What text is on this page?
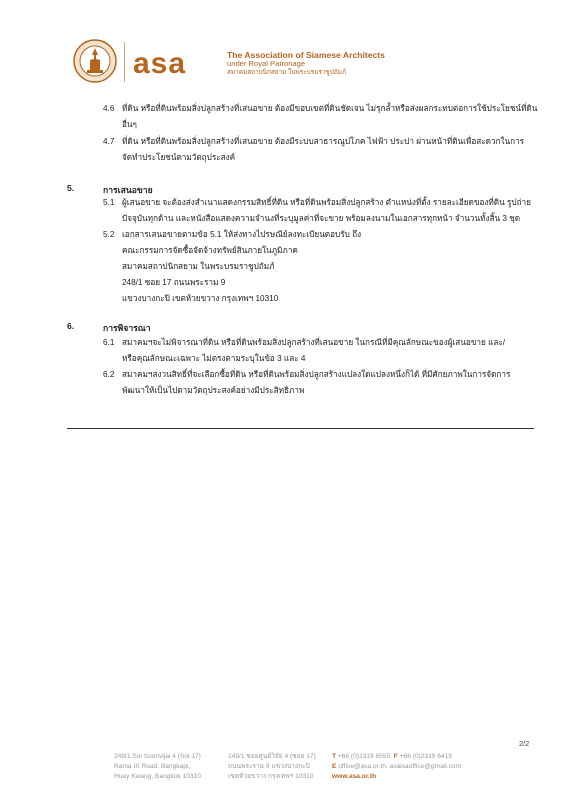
asa	The Association of Siamese Architects
under Royal Patronage
สมาคมสถาปนิกสยาม ในพระบรมราชูปถัมภ์
4.6 ที่ดิน หรือที่ดินพร้อมสิ่งปลูกสร้างที่เสนอขาย ต้องมีขอบเขตที่ดินชัดเจน ไม่รุกล้ำหรือส่งผลกระทบต่อการใช้ประโยชน์ที่ดิน
อื่นๆ
4.7 ที่ดิน หรือที่ดินพร้อมสิ่งปลูกสร้างที่เสนอขาย ต้องมีระบบสาธารณูปโภค ไฟฟ้า ประปา ผ่านหน้าที่ดินเพื่อสะดวกในการ
จัดทำประโยชน์ตามวัตถุประสงค์
5.	การเสนอขาย
5.1 ผู้เสนอขาย จะต้องส่งสำเนาแสดงกรรมสิทธิ์ที่ดิน หรือที่ดินพร้อมสิ่งปลูกสร้าง ตำแหน่งที่ตั้ง รายละเอียดของที่ดิน รูปถ่าย
ปัจจุบันทุกด้าน และหนังสือแสดงความจำนงที่ระบุมูลค่าที่จะขาย พร้อมลงนามในเอกสารทุกหน้า จำนวนทั้งสิ้น 3 ชุด
5.2 เอกสารเสนอขายตามข้อ 5.1 ให้ส่งทางไปรษณีย์ลงทะเบียนตอบรับ ถึง
คณะกรรมการจัดซื้อจัดจ้างทรัพย์สินภายในภูมิภาค
สมาคมสถาปนิกสยาม ในพระบรมราชูปถัมภ์
248/1 ซอย 17 ถนนพระราม 9
แขวงบางกะปิ เขตห้วยขวาง กรุงเทพฯ 10310
6.	การพิจารณา
6.1 สมาคมฯจะไม่พิจารณาที่ดิน หรือที่ดินพร้อมสิ่งปลูกสร้างที่เสนอขาย ในกรณีที่มีคุณลักษณะของผู้เสนอขาย และ/
หรือคุณลักษณะเฉพาะ ไม่ตรงตามระบุในข้อ 3 และ 4
6.2 สมาคมฯสงวนสิทธิ์ที่จะเลือกซื้อที่ดิน หรือที่ดินพร้อมสิ่งปลูกสร้างแปลงใดแปลงหนึ่งก็ได้ ที่มีศักยภาพในการจัดการ
พัฒนาให้เป็นไปตามวัตถุประสงค์อย่างมีประสิทธิภาพ
2/2
248/1 Soi Soonvijai 4 (Soi 17)
Rama IX Road, Bangkapi,
Huay Kwang, Bangkok 10310
248/1 ซอยศูนย์วิจัย 4 (ซอย 17)
ถนนพระราม 9 แขวงบางกะปิ
เขตห้วยขวาง กรุงเทพฯ 10310
T +66 (0)2319 6555 F +66 (0)2319 6419
E office@asa.or.th, asaisaoffice@gmail.com
www.asa.or.th
